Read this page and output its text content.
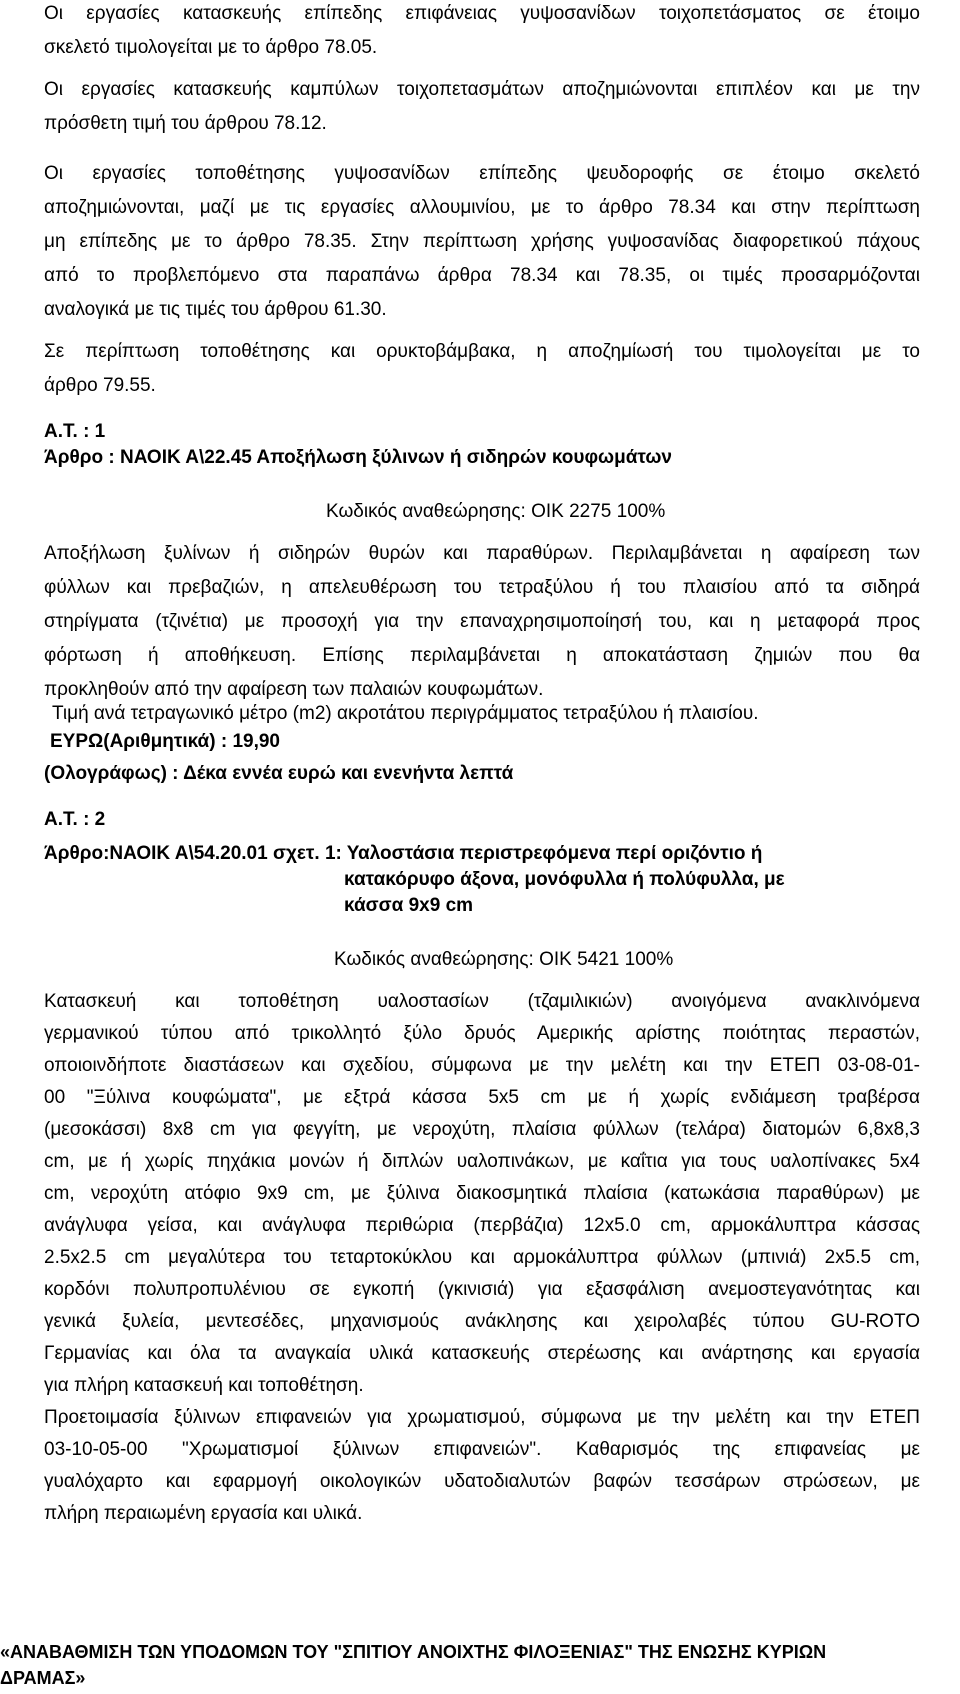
Οι εργασίες κατασκευής επίπεδης επιφάνειας γυψοσανίδων τοιχοπετάσματος σε έτοιμο
σκελετό τιμολογείται με το άρθρο 78.05.
Οι εργασίες κατασκευής καμπύλων τοιχοπετασμάτων αποζημιώνονται επιπλέον και με την
πρόσθετη τιμή του άρθρου 78.12.
Οι εργασίες τοποθέτησης γυψοσανίδων επίπεδης ψευδοροφής σε έτοιμο σκελετό
αποζημιώνονται, μαζί με τις εργασίες αλλουμινίου, με το άρθρο 78.34 και στην περίπτωση
μη επίπεδης με το άρθρο 78.35. Στην περίπτωση χρήσης γυψοσανίδας διαφορετικού πάχους
από το προβλεπόμενο στα παραπάνω άρθρα 78.34 και 78.35, οι τιμές προσαρμόζονται
αναλογικά με τις τιμές του άρθρου 61.30.
Σε περίπτωση τοποθέτησης και ορυκτοβάμβακα, η αποζημίωσή του τιμολογείται με το
άρθρο 79.55.
Α.Τ. : 1
Άρθρο : ΝΑΟΙΚ Α\22.45 Αποξήλωση ξύλινων ή σιδηρών κουφωμάτων
Κωδικός αναθεώρησης: ΟΙΚ 2275 100%
Αποξήλωση ξυλίνων ή σιδηρών θυρών και παραθύρων. Περιλαμβάνεται η αφαίρεση των
φύλλων και πρεβαζιών, η απελευθέρωση του τετραξύλου ή του πλαισίου από τα σιδηρά
στηρίγματα (τζινέτια) με προσοχή για την επαναχρησιμοποίησή του, και η μεταφορά προς
φόρτωση ή αποθήκευση. Επίσης περιλαμβάνεται η αποκατάσταση ζημιών που θα
προκληθούν από την αφαίρεση των παλαιών κουφωμάτων.
Τιμή ανά τετραγωνικό μέτρο (m2) ακροτάτου περιγράμματος τετραξύλου ή πλαισίου.
ΕΥΡΩ(Αριθμητικά) : 19,90
(Ολογράφως) : Δέκα εννέα ευρώ και ενενήντα λεπτά
Α.Τ. : 2
Άρθρο:ΝΑΟΙΚ Α\54.20.01 σχετ. 1: Υαλοστάσια περιστρεφόμενα περί οριζόντιο ή
κατακόρυφο άξονα, μονόφυλλα ή πολύφυλλα, με
κάσσα 9x9 cm
Κωδικός αναθεώρησης: ΟΙΚ 5421 100%
Κατασκευή και τοποθέτηση υαλοστασίων (τζαμιλικιών) ανοιγόμενα ανακλινόμενα
γερμανικού τύπου από τρικολλητό ξύλο δρυός Αμερικής αρίστης ποιότητας περαστών,
οποιοινδήποτε διαστάσεων και σχεδίου, σύμφωνα με την μελέτη και την ΕΤΕΠ 03-08-01-
00 "Ξύλινα κουφώματα", με εξτρά κάσσα 5x5 cm με ή χωρίς ενδιάμεση τραβέρσα
(μεσοκάσσι) 8x8 cm για φεγγίτη, με νεροχύτη, πλαίσια φύλλων (τελάρα) διατομών 6,8x8,3
cm, με ή χωρίς πηχάκια μονών ή διπλών υαλοπινάκων, με καΐτια για τους υαλοπίνακες 5x4
cm, νεροχύτη ατόφιο 9x9 cm, με ξύλινα διακοσμητικά πλαίσια (κατωκάσια παραθύρων) με
ανάγλυφα γείσα, και ανάγλυφα περιθώρια (περβάζια) 12x5.0 cm, αρμοκάλυπτρα κάσσας
2.5x2.5 cm μεγαλύτερα του τεταρτοκύκλου και αρμοκάλυπτρα φύλλων (μπινιά) 2x5.5 cm,
κορδόνι πολυπροπυλένιου σε εγκοπή (γκινισιά) για εξασφάλιση ανεμοστεγανότητας και
γενικά ξυλεία, μεντεσέδες, μηχανισμούς ανάκλησης και χειρολαβές τύπου GU-ROTO
Γερμανίας και όλα τα αναγκαία υλικά κατασκευής στερέωσης και ανάρτησης και εργασία
για πλήρη κατασκευή και τοποθέτηση.
Προετοιμασία ξύλινων επιφανειών για χρωματισμού, σύμφωνα με την μελέτη και την ΕΤΕΠ
03-10-05-00 "Χρωματισμοί ξύλινων επιφανειών". Καθαρισμός της επιφανείας με
γυαλόχαρτο και εφαρμογή οικολογικών υδατοδιαλυτών βαφών τεσσάρων στρώσεων, με
πλήρη περαιωμένη εργασία και υλικά.
«ΑΝΑΒΑΘΜΙΣΗ ΤΩΝ ΥΠΟΔΟΜΩΝ ΤΟΥ "ΣΠΙΤΙΟΥ ΑΝΟΙΧΤΗΣ ΦΙΛΟΞΕΝΙΑΣ" ΤΗΣ ΕΝΩΣΗΣ ΚΥΡΙΩΝ
ΔΡΑΜΑΣ»
